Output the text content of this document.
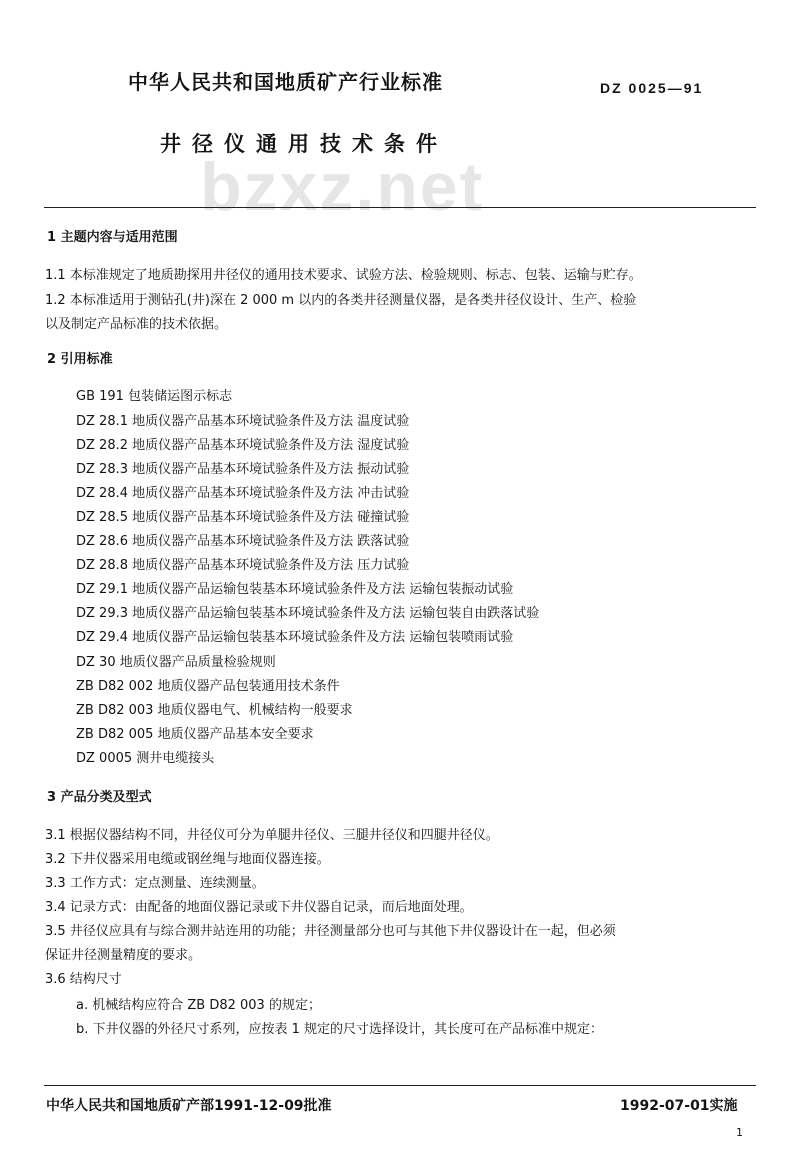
bzxz.net
中华人民共和国地质矿产行业标准	DZ 0025—91
井径仪通用技术条件
1 主题内容与适用范围
1.1 本标准规定了地质勘探用井径仪的通用技术要求、试验方法、检验规则、标志、包装、运输与贮存。
1.2 本标准适用于测钻孔(井)深在 2 000 m 以内的各类井径测量仪器，是各类井径仪设计、生产、检验
以及制定产品标准的技术依据。
2 引用标准
GB 191 包装储运图示标志
DZ 28.1 地质仪器产品基本环境试验条件及方法 温度试验
DZ 28.2 地质仪器产品基本环境试验条件及方法 湿度试验
DZ 28.3 地质仪器产品基本环境试验条件及方法 振动试验
DZ 28.4 地质仪器产品基本环境试验条件及方法 冲击试验
DZ 28.5 地质仪器产品基本环境试验条件及方法 碰撞试验
DZ 28.6 地质仪器产品基本环境试验条件及方法 跌落试验
DZ 28.8 地质仪器产品基本环境试验条件及方法 压力试验
DZ 29.1 地质仪器产品运输包装基本环境试验条件及方法 运输包装振动试验
DZ 29.3 地质仪器产品运输包装基本环境试验条件及方法 运输包装自由跌落试验
DZ 29.4 地质仪器产品运输包装基本环境试验条件及方法 运输包装喷雨试验
DZ 30 地质仪器产品质量检验规则
ZB D82 002 地质仪器产品包装通用技术条件
ZB D82 003 地质仪器电气、机械结构一般要求
ZB D82 005 地质仪器产品基本安全要求
DZ 0005 测井电缆接头
3 产品分类及型式
3.1 根据仪器结构不同，井径仪可分为单腿井径仪、三腿井径仪和四腿井径仪。
3.2 下井仪器采用电缆或钢丝绳与地面仪器连接。
3.3 工作方式：定点测量、连续测量。
3.4 记录方式：由配备的地面仪器记录或下井仪器自记录，而后地面处理。
3.5 井径仪应具有与综合测井站连用的功能；井径测量部分也可与其他下井仪器设计在一起，但必须
保证井径测量精度的要求。
3.6 结构尺寸
a. 机械结构应符合 ZB D82 003 的规定；
b. 下井仪器的外径尺寸系列，应按表 1 规定的尺寸选择设计，其长度可在产品标准中规定：
中华人民共和国地质矿产部1991-12-09批准	1992-07-01实施
1
